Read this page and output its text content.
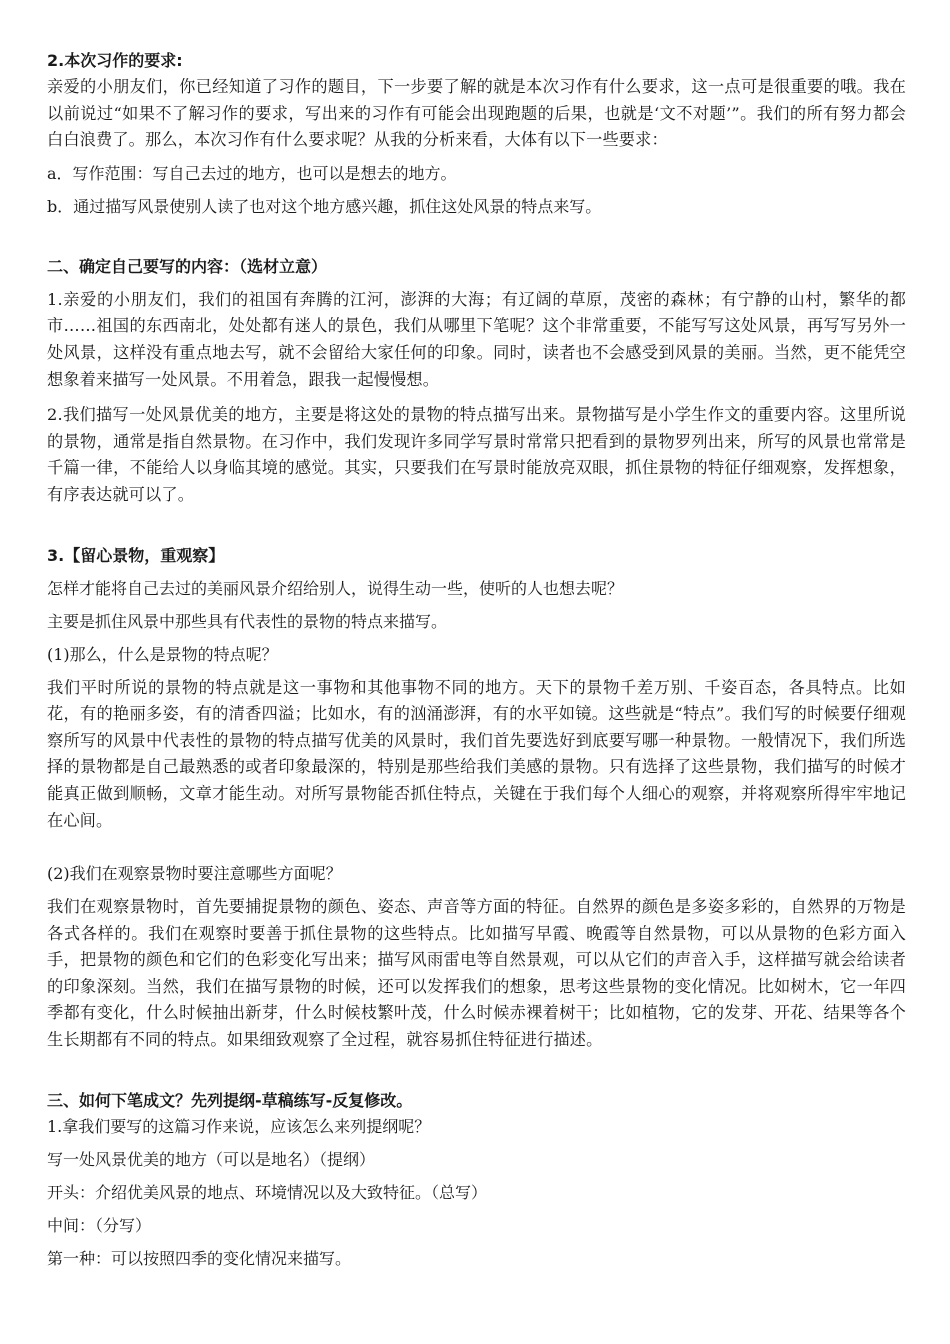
2.本次习作的要求:
亲爱的小朋友们，你已经知道了习作的题目，下一步要了解的就是本次习作有什么要求，这一点可是很重要的哦。我在以前说过“如果不了解习作的要求，写出来的习作有可能会出现跑题的后果，也就是‘文不对题’”。我们的所有努力都会白白浪费了。那么，本次习作有什么要求呢？从我的分析来看，大体有以下一些要求：
a．写作范围：写自己去过的地方，也可以是想去的地方。
b．通过描写风景使别人读了也对这个地方感兴趣，抓住这处风景的特点来写。
二、确定自己要写的内容：（选材立意）
1.亲爱的小朋友们，我们的祖国有奔腾的江河，澎湃的大海；有辽阔的草原，茂密的森林；有宁静的山村，繁华的都市……祖国的东西南北，处处都有迷人的景色，我们从哪里下笔呢？这个非常重要，不能写写这处风景，再写写另外一处风景，这样没有重点地去写，就不会留给大家任何的印象。同时，读者也不会感受到风景的美丽。当然，更不能凭空想象着来描写一处风景。不用着急，跟我一起慢慢想。
2.我们描写一处风景优美的地方，主要是将这处的景物的特点描写出来。景物描写是小学生作文的重要内容。这里所说的景物，通常是指自然景物。在习作中，我们发现许多同学写景时常常只把看到的景物罗列出来，所写的风景也常常是千篇一律，不能给人以身临其境的感觉。其实，只要我们在写景时能放亮双眼，抓住景物的特征仔细观察，发挥想象，有序表达就可以了。
3.【留心景物，重观察】
怎样才能将自己去过的美丽风景介绍给别人，说得生动一些，使听的人也想去呢？
主要是抓住风景中那些具有代表性的景物的特点来描写。
(1)那么，什么是景物的特点呢？
我们平时所说的景物的特点就是这一事物和其他事物不同的地方。天下的景物千差万别、千姿百态，各具特点。比如花，有的艳丽多姿，有的清香四溢；比如水，有的汹涌澎湃，有的水平如镜。这些就是“特点”。我们写的时候要仔细观察所写的风景中代表性的景物的特点描写优美的风景时，我们首先要选好到底要写哪一种景物。一般情况下，我们所选择的景物都是自己最熟悉的或者印象最深的，特别是那些给我们美感的景物。只有选择了这些景物，我们描写的时候才能真正做到顺畅，文章才能生动。对所写景物能否抓住特点，关键在于我们每个人细心的观察，并将观察所得牢牢地记在心间。
(2)我们在观察景物时要注意哪些方面呢？
我们在观察景物时，首先要捕捉景物的颜色、姿态、声音等方面的特征。自然界的颜色是多姿多彩的，自然界的万物是各式各样的。我们在观察时要善于抓住景物的这些特点。比如描写早霞、晚霞等自然景物，可以从景物的色彩方面入手，把景物的颜色和它们的色彩变化写出来；描写风雨雷电等自然景观，可以从它们的声音入手，这样描写就会给读者的印象深刻。当然，我们在描写景物的时候，还可以发挥我们的想象，思考这些景物的变化情况。比如树木，它一年四季都有变化，什么时候抽出新芽，什么时候枝繁叶茂，什么时候赤裸着树干；比如植物，它的发芽、开花、结果等各个生长期都有不同的特点。如果细致观察了全过程，就容易抓住特征进行描述。
三、如何下笔成文？先列提纲-草稿练写-反复修改。
1.拿我们要写的这篇习作来说，应该怎么来列提纲呢？
写一处风景优美的地方（可以是地名）（提纲）
开头：介绍优美风景的地点、环境情况以及大致特征。（总写）
中间：（分写）
第一种：可以按照四季的变化情况来描写。
